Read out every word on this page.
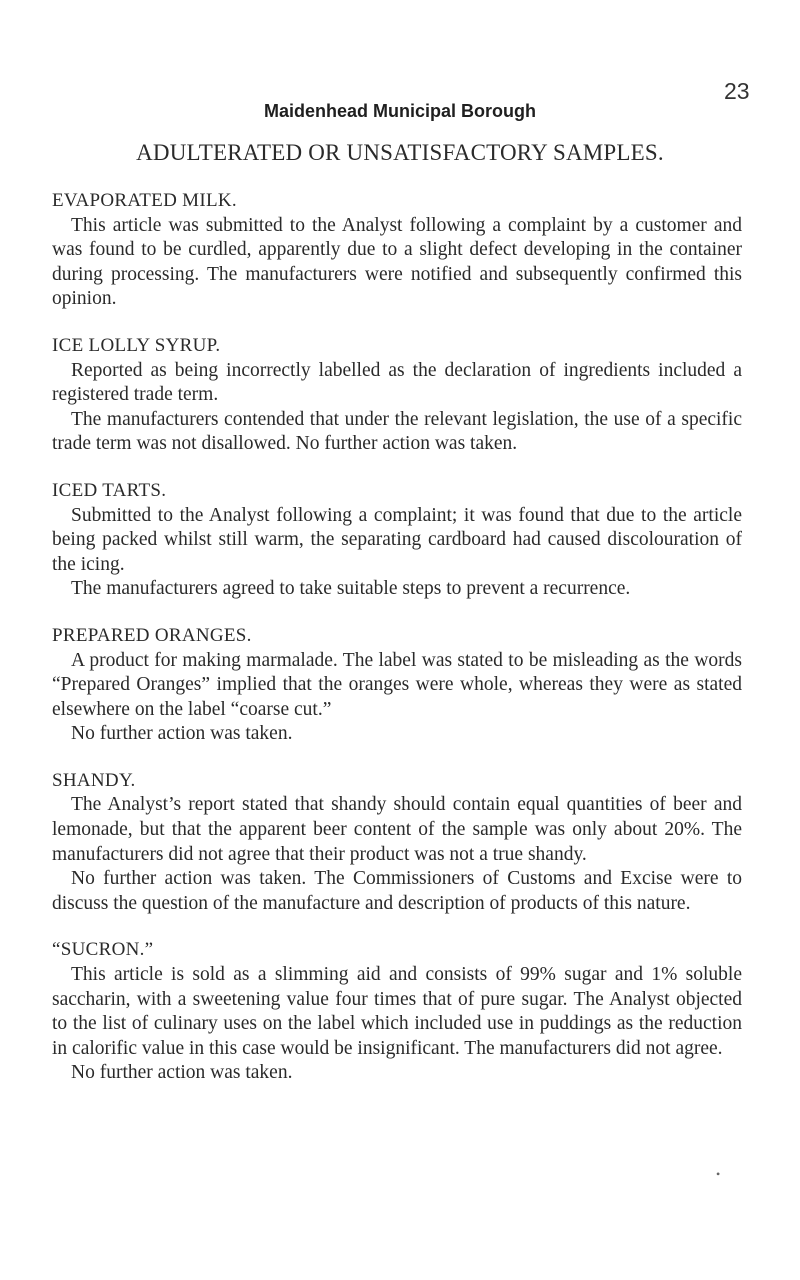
23
Maidenhead Municipal Borough
ADULTERATED OR UNSATISFACTORY SAMPLES.

EVAPORATED MILK.

This article was submitted to the Analyst following a complaint by a customer and was found to be curdled, apparently due to a slight defect developing in the container during processing. The manufacturers were notified and subsequently confirmed this opinion.

ICE LOLLY SYRUP.

Reported as being incorrectly labelled as the declaration of ingredients included a registered trade term.

The manufacturers contended that under the relevant legislation, the use of a specific trade term was not disallowed. No further action was taken.

ICED TARTS.

Submitted to the Analyst following a complaint; it was found that due to the article being packed whilst still warm, the separating cardboard had caused discolouration of the icing.

The manufacturers agreed to take suitable steps to prevent a recurrence.

PREPARED ORANGES.

A product for making marmalade. The label was stated to be misleading as the words “Prepared Oranges” implied that the oranges were whole, whereas they were as stated elsewhere on the label “coarse cut.”

No further action was taken.

SHANDY.

The Analyst’s report stated that shandy should contain equal quantities of beer and lemonade, but that the apparent beer content of the sample was only about 20%. The manufacturers did not agree that their product was not a true shandy.

No further action was taken. The Commissioners of Customs and Excise were to discuss the question of the manufacture and description of products of this nature.

“SUCRON.”

This article is sold as a slimming aid and consists of 99% sugar and 1% soluble saccharin, with a sweetening value four times that of pure sugar. The Analyst objected to the list of culinary uses on the label which included use in puddings as the reduction in calorific value in this case would be insignificant. The manufacturers did not agree.

No further action was taken.

•
